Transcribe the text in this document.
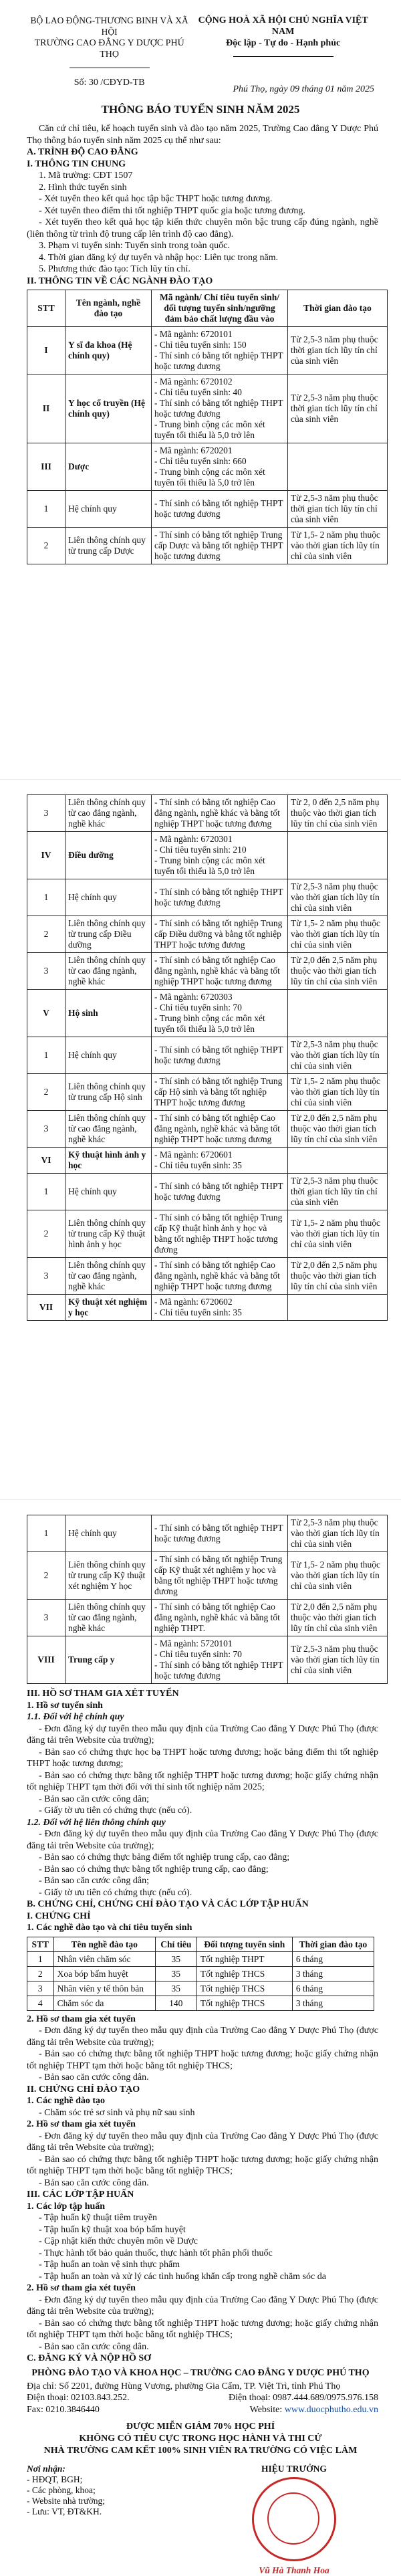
BỘ LAO ĐỘNG-THƯƠNG BINH VÀ XÃ HỘI
TRƯỜNG CAO ĐẲNG Y DƯỢC PHÚ THỌ
Số: 30 /CĐYD-TB
CỘNG HOÀ XÃ HỘI CHỦ NGHĨA VIỆT NAM
Độc lập - Tự do - Hạnh phúc
Phú Thọ, ngày 09 tháng 01 năm 2025
THÔNG BÁO TUYỂN SINH NĂM 2025

Căn cứ chỉ tiêu, kế hoạch tuyển sinh và đào tạo năm 2025, Trường Cao đẳng Y Dược Phú Thọ thông báo tuyển sinh năm 2025 cụ thể như sau:

A. TRÌNH ĐỘ CAO ĐẲNG

I. THÔNG TIN CHUNG

1. Mã trường: CĐT 1507

2. Hình thức tuyển sinh

- Xét tuyển theo kết quả học tập bậc THPT hoặc tương đương.

- Xét tuyển theo điểm thi tốt nghiệp THPT quốc gia hoặc tương đương.

- Xét tuyển theo kết quả học tập kiến thức chuyên môn bậc trung cấp đúng ngành, nghề (liên thông từ trình độ trung cấp lên trình độ cao đẳng).

3. Phạm vi tuyển sinh: Tuyển sinh trong toàn quốc.

4. Thời gian đăng ký dự tuyển và nhập học: Liên tục trong năm.

5. Phương thức đào tạo: Tích lũy tín chỉ.

II. THÔNG TIN VỀ CÁC NGÀNH ĐÀO TẠO

STT	Tên ngành, nghề đào tạo	Mã ngành/ Chỉ tiêu tuyển sinh/đối tượng tuyển sinh/ngưỡng đảm bảo chất lượng đầu vào	Thời gian đào tạo
I	Y sĩ đa khoa (Hệ chính quy)	- Mã ngành: 6720101
- Chỉ tiêu tuyển sinh: 150
- Thí sinh có bằng tốt nghiệp THPT hoặc tương đương	Từ 2,5-3 năm phụ thuộc thời gian tích lũy tín chỉ của sinh viên
II	Y học cổ truyền (Hệ chính quy)	- Mã ngành: 6720102
- Chỉ tiêu tuyển sinh: 40
- Thí sinh có bằng tốt nghiệp THPT hoặc tương đương
- Trung bình cộng các môn xét tuyển tối thiểu là 5,0 trở lên	Từ 2,5-3 năm phụ thuộc thời gian tích lũy tín chỉ của sinh viên
III	Dược	- Mã ngành: 6720201
- Chỉ tiêu tuyển sinh: 660
- Trung bình cộng các môn xét tuyển tối thiểu là 5,0 trở lên	
1	Hệ chính quy	- Thí sinh có bằng tốt nghiệp THPT hoặc tương đương	Từ 2,5-3 năm phụ thuộc thời gian tích lũy tín chỉ của sinh viên
2	Liên thông chính quy từ trung cấp Dược	- Thí sinh có bằng tốt nghiệp Trung cấp Dược và bằng tốt nghiệp THPT hoặc tương đương	Từ 1,5- 2 năm phụ thuộc vào thời gian tích lũy tín chỉ của sinh viên
3	Liên thông chính quy từ cao đẳng ngành, nghề khác	- Thí sinh có bằng tốt nghiệp Cao đẳng ngành, nghề khác và bằng tốt nghiệp THPT hoặc tương đương	Từ 2, 0 đến 2,5 năm phụ thuộc vào thời gian tích lũy tín chỉ của sinh viên
IV	Điều dưỡng	- Mã ngành: 6720301
- Chỉ tiêu tuyển sinh: 210
- Trung bình cộng các môn xét tuyển tối thiểu là 5,0 trở lên	
1	Hệ chính quy	- Thí sinh có bằng tốt nghiệp THPT hoặc tương đương	Từ 2,5-3 năm phụ thuộc vào thời gian tích lũy tín chỉ của sinh viên
2	Liên thông chính quy từ trung cấp Điều dưỡng	- Thí sinh có bằng tốt nghiệp Trung cấp Điều dưỡng và bằng tốt nghiệp THPT hoặc tương đương	Từ 1,5- 2 năm phụ thuộc vào thời gian tích lũy tín chỉ của sinh viên
3	Liên thông chính quy từ cao đẳng ngành, nghề khác	- Thí sinh có bằng tốt nghiệp Cao đẳng ngành, nghề khác và bằng tốt nghiệp THPT hoặc tương đương	Từ 2,0 đến 2,5 năm phụ thuộc vào thời gian tích lũy tín chỉ của sinh viên
V	Hộ sinh	- Mã ngành: 6720303
- Chỉ tiêu tuyển sinh: 70
- Trung bình cộng các môn xét tuyển tối thiểu là 5,0 trở lên	
1	Hệ chính quy	- Thí sinh có bằng tốt nghiệp THPT hoặc tương đương	Từ 2,5-3 năm phụ thuộc vào thời gian tích lũy tín chỉ của sinh viên
2	Liên thông chính quy từ trung cấp Hộ sinh	- Thí sinh có bằng tốt nghiệp Trung cấp Hộ sinh và bằng tốt nghiệp THPT hoặc tương đương	Từ 1,5- 2 năm phụ thuộc vào thời gian tích lũy tín chỉ của sinh viên
3	Liên thông chính quy từ cao đẳng ngành, nghề khác	- Thí sinh có bằng tốt nghiệp Cao đẳng ngành, nghề khác và bằng tốt nghiệp THPT hoặc tương đương	Từ 2,0 đến 2,5 năm phụ thuộc vào thời gian tích lũy tín chỉ của sinh viên
VI	Kỹ thuật hình ảnh y học	- Mã ngành: 6720601
- Chỉ tiêu tuyển sinh: 35	
1	Hệ chính quy	- Thí sinh có bằng tốt nghiệp THPT hoặc tương đương	Từ 2,5-3 năm phụ thuộc thời gian tích lũy tín chỉ của sinh viên
2	Liên thông chính quy từ trung cấp Kỹ thuật hình ảnh y học	- Thí sinh có bằng tốt nghiệp Trung cấp Kỹ thuật hình ảnh y học và bằng tốt nghiệp THPT hoặc tương đương	Từ 1,5- 2 năm phụ thuộc vào thời gian tích lũy tín chỉ của sinh viên
3	Liên thông chính quy từ cao đẳng ngành, nghề khác	- Thí sinh có bằng tốt nghiệp Cao đẳng ngành, nghề khác và bằng tốt nghiệp THPT hoặc tương đương	Từ 2,0 đến 2,5 năm phụ thuộc vào thời gian tích lũy tín chỉ của sinh viên
VII	Kỹ thuật xét nghiệm y học	- Mã ngành: 6720602
- Chỉ tiêu tuyển sinh: 35	
1	Hệ chính quy	- Thí sinh có bằng tốt nghiệp THPT hoặc tương đương	Từ 2,5-3 năm phụ thuộc vào thời gian tích lũy tín chỉ của sinh viên
2	Liên thông chính quy từ trung cấp Kỹ thuật xét nghiệm Y học	- Thí sinh có bằng tốt nghiệp Trung cấp Kỹ thuật xét nghiệm y học và bằng tốt nghiệp THPT hoặc tương đương	Từ 1,5- 2 năm phụ thuộc vào thời gian tích lũy tín chỉ của sinh viên
3	Liên thông chính quy từ cao đẳng ngành, nghề khác	- Thí sinh có bằng tốt nghiệp Cao đẳng ngành, nghề khác và bằng tốt nghiệp THPT.	Từ 2,0 đến 2,5 năm phụ thuộc vào thời gian tích lũy tín chỉ của sinh viên
VIII	Trung cấp y	- Mã ngành: 5720101
- Chỉ tiêu tuyển sinh: 70
- Thí sinh có bằng tốt nghiệp THPT hoặc tương đương	Từ 2,5-3 năm phụ thuộc vào thời gian tích lũy tín chỉ của sinh viên

III. HỒ SƠ THAM GIA XÉT TUYỂN

1. Hồ sơ tuyển sinh

1.1. Đối với hệ chính quy

- Đơn đăng ký dự tuyển theo mẫu quy định của Trường Cao đẳng Y Dược Phú Thọ (được đăng tải trên Website của trường);

- Bản sao có chứng thực học bạ THPT hoặc tương đương; hoặc bảng điểm thi tốt nghiệp THPT hoặc tương đương;

- Bản sao có chứng thực bằng tốt nghiệp THPT hoặc tương đương; hoặc giấy chứng nhận tốt nghiệp THPT tạm thời đối với thí sinh tốt nghiệp năm 2025;

- Bản sao căn cước công dân;

- Giấy tờ ưu tiên có chứng thực (nếu có).

1.2. Đối với hệ liên thông chính quy

- Đơn đăng ký dự tuyển theo mẫu quy định của Trường Cao đẳng Y Dược Phú Thọ (được đăng tải trên Website của trường);

- Bản sao có chứng thực bảng điểm tốt nghiệp trung cấp, cao đẳng;

- Bản sao có chứng thực bằng tốt nghiệp trung cấp, cao đẳng;

- Bản sao căn cước công dân;

- Giấy tờ ưu tiên có chứng thực (nếu có).

B. CHỨNG CHỈ, CHỨNG CHỈ ĐÀO TẠO VÀ CÁC LỚP TẬP HUẤN

I. CHỨNG CHỈ

1. Các nghề đào tạo và chỉ tiêu tuyển sinh

STT	Tên nghề đào tạo	Chỉ tiêu	Đối tượng tuyển sinh	Thời gian đào tạo
1	Nhân viên chăm sóc	35	Tốt nghiệp THPT	6 tháng
2	Xoa bóp bấm huyệt	35	Tốt nghiệp THCS	3 tháng
3	Nhân viên y tế thôn bản	35	Tốt nghiệp THCS	6 tháng
4	Chăm sóc da	140	Tốt nghiệp THCS	3 tháng

2. Hồ sơ tham gia xét tuyển

- Đơn đăng ký dự tuyển theo mẫu quy định của Trường Cao đẳng Y Dược Phú Thọ (được đăng tải trên Website của trường);

- Bản sao có chứng thực bằng tốt nghiệp THPT hoặc tương đương; hoặc giấy chứng nhận tốt nghiệp THPT tạm thời hoặc bằng tốt nghiệp THCS;

- Bản sao căn cước công dân.

II. CHỨNG CHỈ ĐÀO TẠO

1. Các nghề đào tạo

- Chăm sóc trẻ sơ sinh và phụ nữ sau sinh

2. Hồ sơ tham gia xét tuyển

- Đơn đăng ký dự tuyển theo mẫu quy định của Trường Cao đẳng Y Dược Phú Thọ (được đăng tải trên Website của trường);

- Bản sao có chứng thực bằng tốt nghiệp THPT hoặc tương đương; hoặc giấy chứng nhận tốt nghiệp THPT tạm thời hoặc bằng tốt nghiệp THCS;

- Bản sao căn cước công dân.

III. CÁC LỚP TẬP HUẤN

1. Các lớp tập huấn

- Tập huấn kỹ thuật tiêm truyền

- Tập huấn kỹ thuật xoa bóp bấm huyệt

- Cập nhật kiến thức chuyên môn về Dược

- Thực hành tốt bảo quản thuốc, thực hành tốt phân phối thuốc

- Tập huấn an toàn vệ sinh thực phẩm

- Tập huấn an toàn và xử lý các tình huống khẩn cấp trong nghề chăm sóc da

2. Hồ sơ tham gia xét tuyển

- Đơn đăng ký dự tuyển theo mẫu quy định của Trường Cao đẳng Y Dược Phú Thọ (được đăng tải trên Website của trường);

- Bản sao có chứng thực bằng tốt nghiệp THPT hoặc tương đương; hoặc giấy chứng nhận tốt nghiệp THPT tạm thời hoặc bằng tốt nghiệp THCS;

- Bản sao căn cước công dân.

C. ĐĂNG KÝ VÀ NỘP HỒ SƠ

PHÒNG ĐÀO TẠO VÀ KHOA HỌC – TRƯỜNG CAO ĐẲNG Y DƯỢC PHÚ THỌ

Địa chỉ: Số 2201, đường Hùng Vương, phường Gia Cẩm, TP. Việt Trì, tỉnh Phú Thọ

Điện thoại: 02103.843.252.	Điện thoại: 0987.444.689/0975.976.158

Fax: 0210.3846440	Website: www.duocphutho.edu.vn

ĐƯỢC MIỄN GIẢM 70% HỌC PHÍ
KHÔNG CÓ TIÊU CỰC TRONG HỌC HÀNH VÀ THI CỬ
NHÀ TRƯỜNG CAM KẾT 100% SINH VIÊN RA TRƯỜNG CÓ VIỆC LÀM
Nơi nhận:
- HĐQT, BGH;
- Các phòng, khoa;
- Website nhà trường;
- Lưu: VT, ĐT&KH.
HIỆU TRƯỞNG
Vũ Hà Thanh Hoa
